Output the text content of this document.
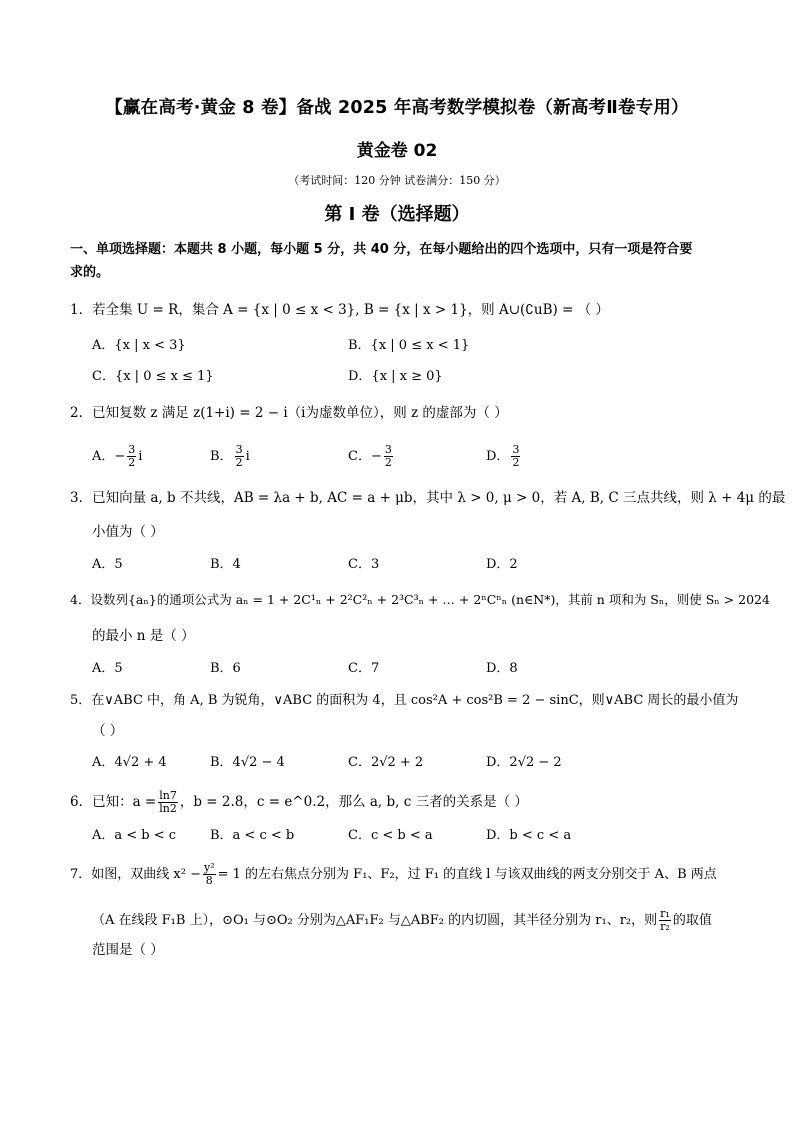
【赢在高考·黄金 8 卷】备战 2025 年高考数学模拟卷（新高考Ⅱ卷专用）
黄金卷 02
（考试时间：120 分钟 试卷满分：150 分）
第 I 卷（选择题）
一、单项选择题：本题共 8 小题，每小题 5 分，共 40 分，在每小题给出的四个选项中，只有一项是符合要
求的。
1．若全集 U = R，集合 A = {x | 0 ≤ x < 3}, B = {x | x > 1}，则 A∪(∁uB) = （ ）
A．{x | x < 3}	B．{x | 0 ≤ x < 1}
C．{x | 0 ≤ x ≤ 1}	D．{x | x ≥ 0}
2．已知复数 z 满足 z(1+i) = 2 − i（i为虚数单位），则 z 的虚部为（ ）
A．− $\frac{3}{2}$ i	B． $\frac{3}{2}$ i	C．− $\frac{3}{2}$	D． $\frac{3}{2}$
3．已知向量 a, b 不共线，AB = λa + b, AC = a + μb，其中 λ > 0, μ > 0，若 A, B, C 三点共线，则 λ + 4μ 的最
小值为（ ）
A．5	B．4	C．3	D．2
4．设数列{aₙ}的通项公式为 aₙ = 1 + 2C¹ₙ + 2²C²ₙ + 2³C³ₙ + … + 2ⁿCⁿₙ (n∈N*)，其前 n 项和为 Sₙ，则使 Sₙ > 2024
的最小 n 是（ ）
A．5	B．6	C．7	D．8
5．在∨ABC 中，角 A, B 为锐角，∨ABC 的面积为 4，且 cos²A + cos²B = 2 − sinC，则∨ABC 周长的最小值为
（ ）
A．4√2 + 4	B．4√2 − 4	C．2√2 + 2	D．2√2 − 2
6．已知：$a = \frac{\ln 7}{\ln 2}$ ，b = 2.8，c = e^0.2，那么 a, b, c 三者的关系是（ ）
A．a < b < c	B．a < c < b	C．c < b < a	D．b < c < a
7．如图，双曲线 $x^2 - \frac{\text{y²}}{8} = 1$ 的左右焦点分别为 F₁、F₂，过 F₁ 的直线 l 与该双曲线的两支分别交于 A、B 两点
（A 在线段 F₁B 上），⊙O₁ 与⊙O₂ 分别为△AF₁F₂ 与△ABF₂ 的内切圆，其半径分别为 r₁、r₂，则 $\frac{\text{r₁}}{\text{r₂}}$ 的取值
范围是（ ）
